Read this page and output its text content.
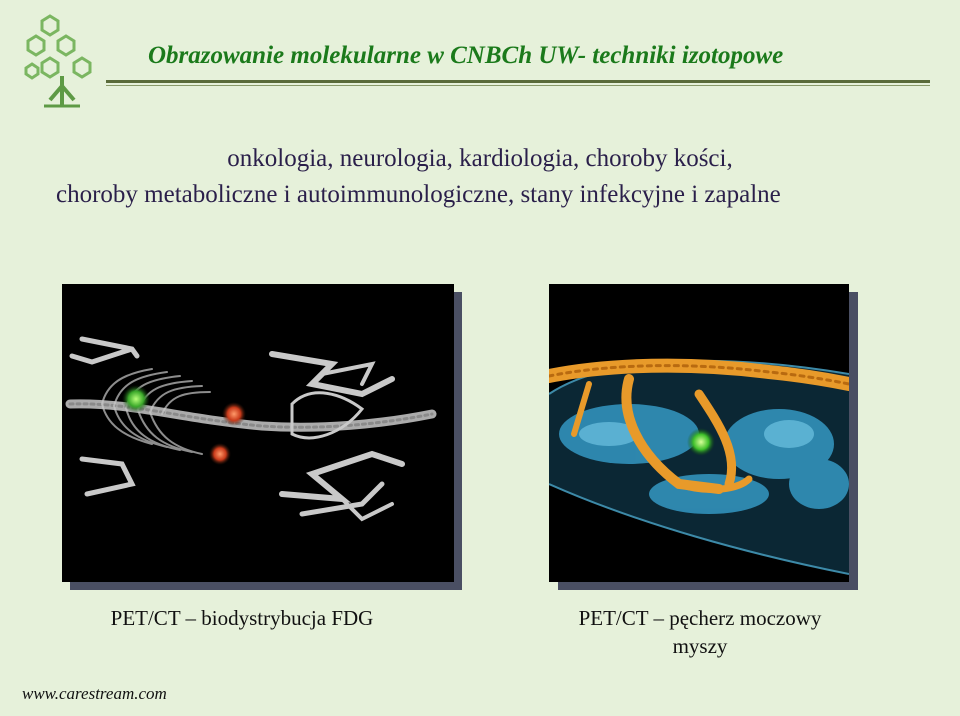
Obrazowanie molekularne w CNBCh UW- techniki izotopowe
onkologia, neurologia, kardiologia, choroby kości,
choroby metaboliczne i autoimmunologiczne, stany infekcyjne i zapalne
PET/CT – biodystrybucja FDG	PET/CT – pęcherz moczowy
myszy
www.carestream.com
